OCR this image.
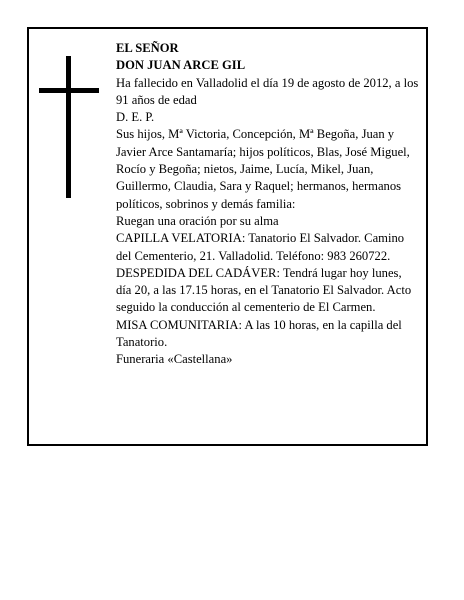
EL SEÑOR

DON JUAN ARCE GIL

Ha fallecido en Valladolid el día 19 de agosto de 2012, a los 91 años de edad

D. E. P.

Sus hijos, Mª Victoria, Concepción, Mª Begoña, Juan y Javier Arce Santamaría; hijos políticos, Blas, José Miguel, Rocío y Begoña; nietos, Jaime, Lucía, Mikel, Juan, Guillermo, Claudia, Sara y Raquel; hermanos, hermanos políticos, sobrinos y demás familia:

Ruegan una oración por su alma

CAPILLA VELATORIA: Tanatorio El Salvador. Camino del Cementerio, 21. Valladolid. Teléfono: 983 260722.

DESPEDIDA DEL CADÁVER: Tendrá lugar hoy lunes, día 20, a las 17.15 horas, en el Tanatorio El Salvador. Acto seguido la conducción al cementerio de El Carmen.

MISA COMUNITARIA: A las 10 horas, en la capilla del Tanatorio.

Funeraria «Castellana»
